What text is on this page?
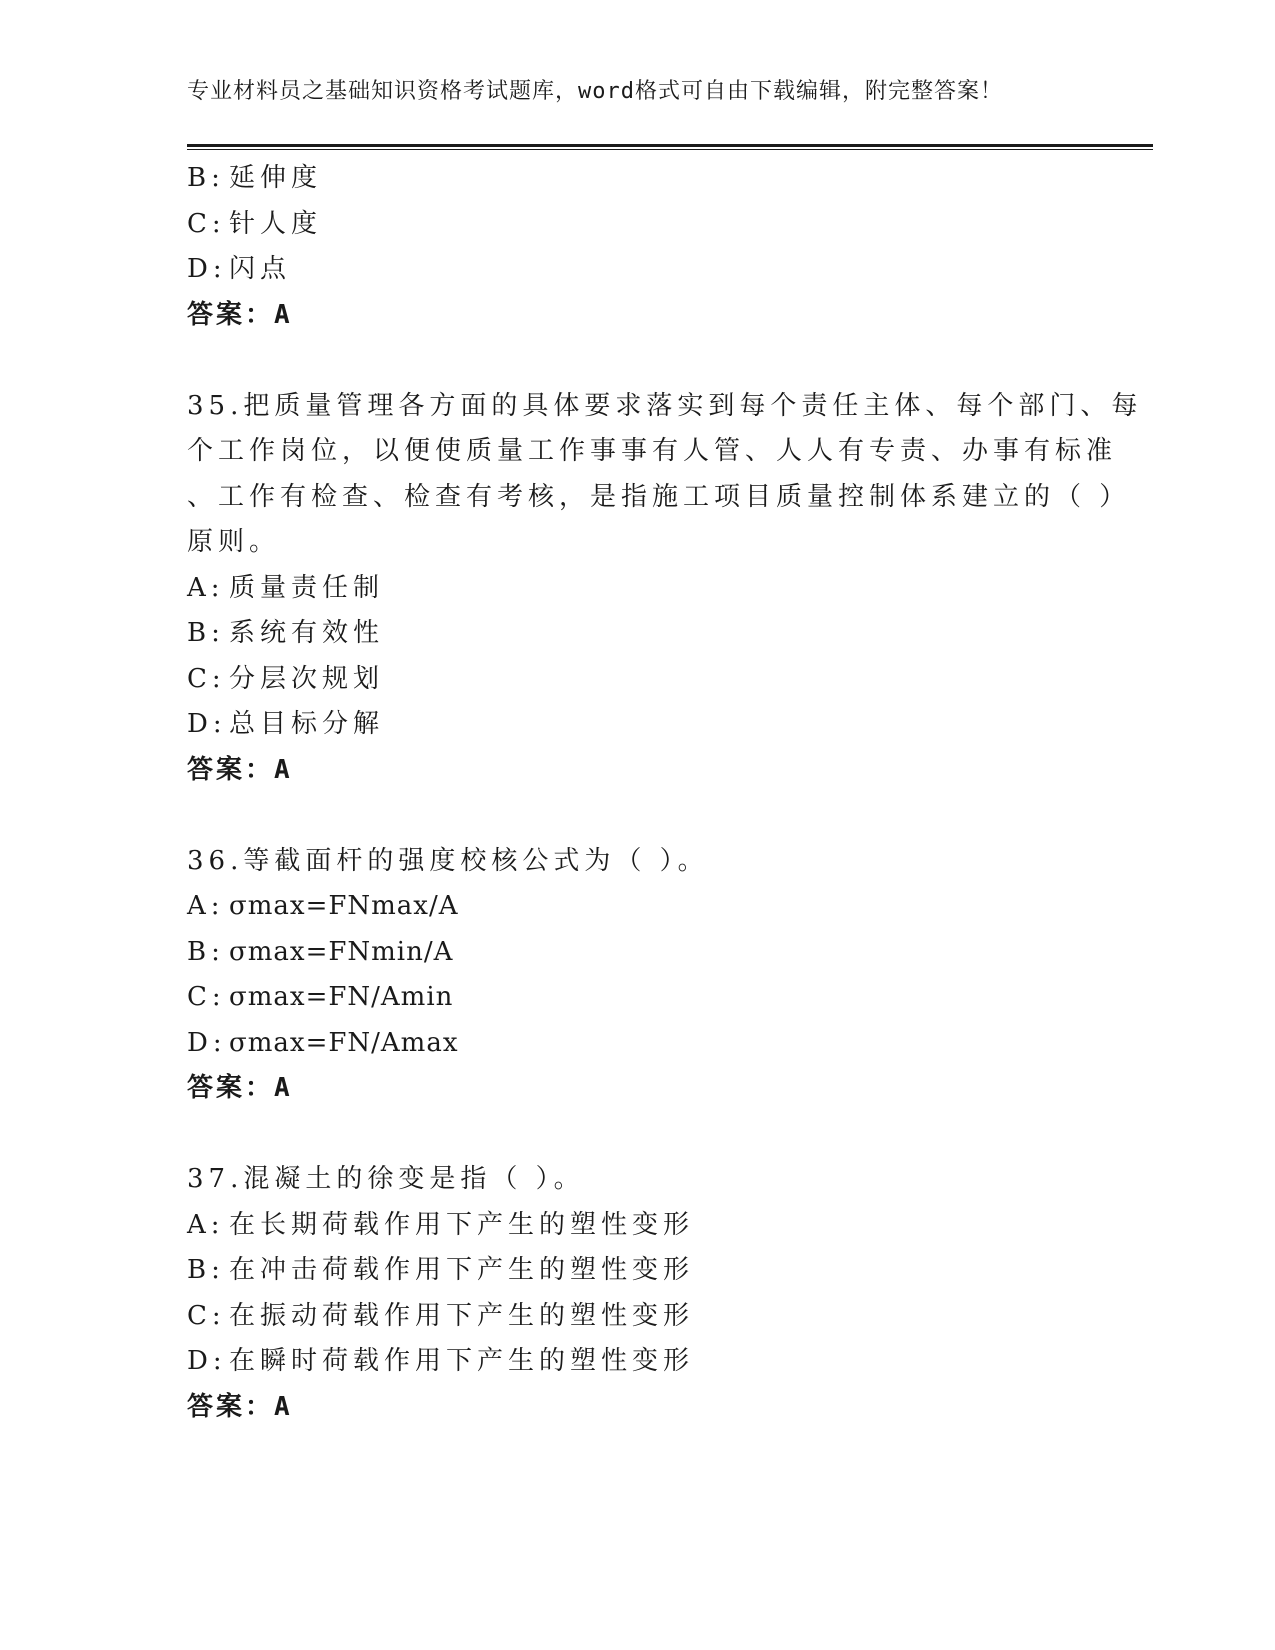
专业材料员之基础知识资格考试题库，word格式可自由下载编辑，附完整答案！
B: 延伸度
C: 针人度
D:闪点
答案：A
35.把质量管理各方面的具体要求落实到每个责任主体、每个部门、每
个工作岗位，以便使质量工作事事有人管、人人有专责、办事有标准
、工作有检查、检查有考核，是指施工项目质量控制体系建立的（ ）
原则。
A: 质量责任制
B: 系统有效性
C: 分层次规划
D:总目标分解
答案：A
36.等截面杆的强度校核公式为（ ）。
A: σmax=FNmax/A
B: σmax=FNmin/A
C: σmax=FN/Amin
D:σmax=FN/Amax
答案：A
37.混凝土的徐变是指（ ）。
A: 在长期荷载作用下产生的塑性变形
B: 在冲击荷载作用下产生的塑性变形
C: 在振动荷载作用下产生的塑性变形
D:在瞬时荷载作用下产生的塑性变形
答案：A
